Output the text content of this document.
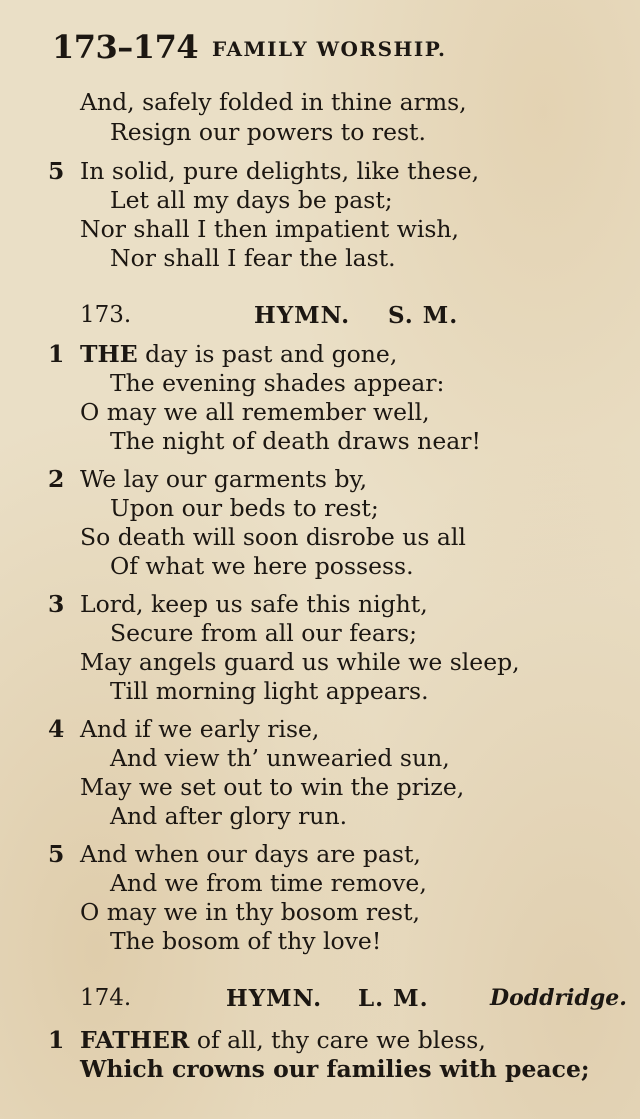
173–174 FAMILY WORSHIP.
And, safely folded in thine arms,
Resign our powers to rest.
5 In solid, pure delights, like these,
Let all my days be past;
Nor shall I then impatient wish,
Nor shall I fear the last.
173.	HYMN. S. M.
1 THE day is past and gone,
The evening shades appear:
O may we all remember well,
The night of death draws near!
2 We lay our garments by,
Upon our beds to rest;
So death will soon disrobe us all
Of what we here possess.
3 Lord, keep us safe this night,
Secure from all our fears;
May angels guard us while we sleep,
Till morning light appears.
4 And if we early rise,
And view th’ unwearied sun,
May we set out to win the prize,
And after glory run.
5 And when our days are past,
And we from time remove,
O may we in thy bosom rest,
The bosom of thy love!
174.	HYMN. L. M.	Doddridge.
1 FATHER of all, thy care we bless,
Which crowns our families with peace;
